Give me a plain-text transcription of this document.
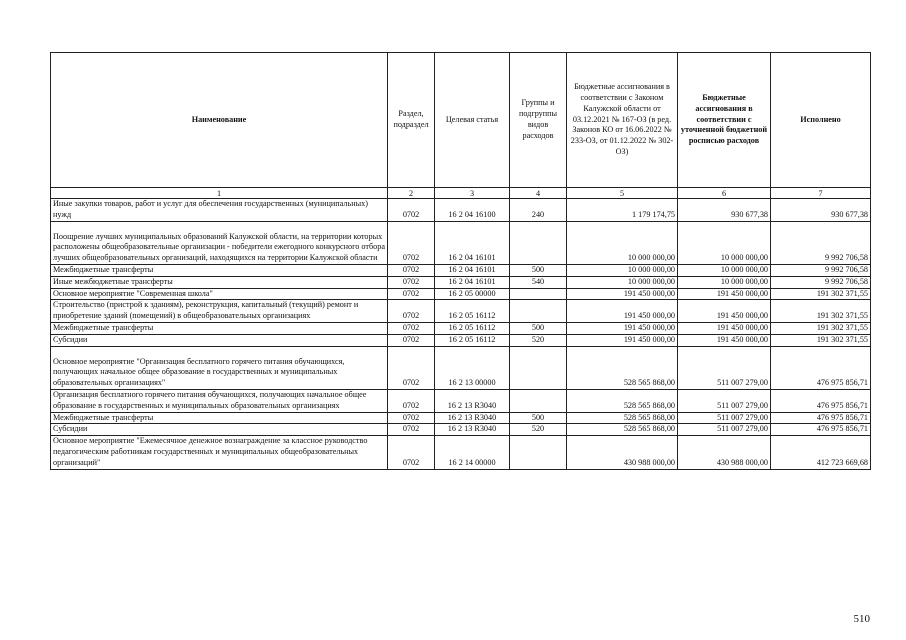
Наименование	Раздел, подраздел	Целевая статья	Группы и подгруппы видов расходов	Бюджетные ассигнования в соответствии с Законом Калужской области от 03.12.2021 № 167-ОЗ (в ред. Законов КО от 16.06.2022 № 233-ОЗ, от 01.12.2022 № 302-ОЗ)	Бюджетные ассигнования в соответствии с уточненной бюджетной росписью расходов	Исполнено
1	2	3	4	5	6	7
Иные закупки товаров, работ и услуг для обеспечения государственных (муниципальных) нужд	0702	16 2 04 16100	240	1 179 174,75	930 677,38	930 677,38
Поощрение лучших муниципальных образований Калужской области, на территории которых расположены общеобразовательные организации - победители ежегодного конкурсного отбора лучших общеобразовательных организаций, находящихся на территории Калужской области	0702	16 2 04 16101		10 000 000,00	10 000 000,00	9 992 706,58
Межбюджетные трансферты	0702	16 2 04 16101	500	10 000 000,00	10 000 000,00	9 992 706,58
Иные межбюджетные трансферты	0702	16 2 04 16101	540	10 000 000,00	10 000 000,00	9 992 706,58
Основное мероприятие "Современная школа"	0702	16 2 05 00000		191 450 000,00	191 450 000,00	191 302 371,55
Строительство (пристрой к зданиям), реконструкция, капитальный (текущий) ремонт и приобретение зданий (помещений) в общеобразовательных организациях	0702	16 2 05 16112		191 450 000,00	191 450 000,00	191 302 371,55
Межбюджетные трансферты	0702	16 2 05 16112	500	191 450 000,00	191 450 000,00	191 302 371,55
Субсидии	0702	16 2 05 16112	520	191 450 000,00	191 450 000,00	191 302 371,55
Основное мероприятие "Организация бесплатного горячего питания обучающихся, получающих начальное общее образование в государственных и муниципальных образовательных организациях"	0702	16 2 13 00000		528 565 868,00	511 007 279,00	476 975 856,71
Организация бесплатного горячего питания обучающихся, получающих начальное общее образование в государственных и муниципальных образовательных организациях	0702	16 2 13 R3040		528 565 868,00	511 007 279,00	476 975 856,71
Межбюджетные трансферты	0702	16 2 13 R3040	500	528 565 868,00	511 007 279,00	476 975 856,71
Субсидии	0702	16 2 13 R3040	520	528 565 868,00	511 007 279,00	476 975 856,71
Основное мероприятие "Ежемесячное денежное вознаграждение за классное руководство педагогическим работникам государственных и муниципальных общеобразовательных организаций"	0702	16 2 14 00000		430 988 000,00	430 988 000,00	412 723 669,68
510
